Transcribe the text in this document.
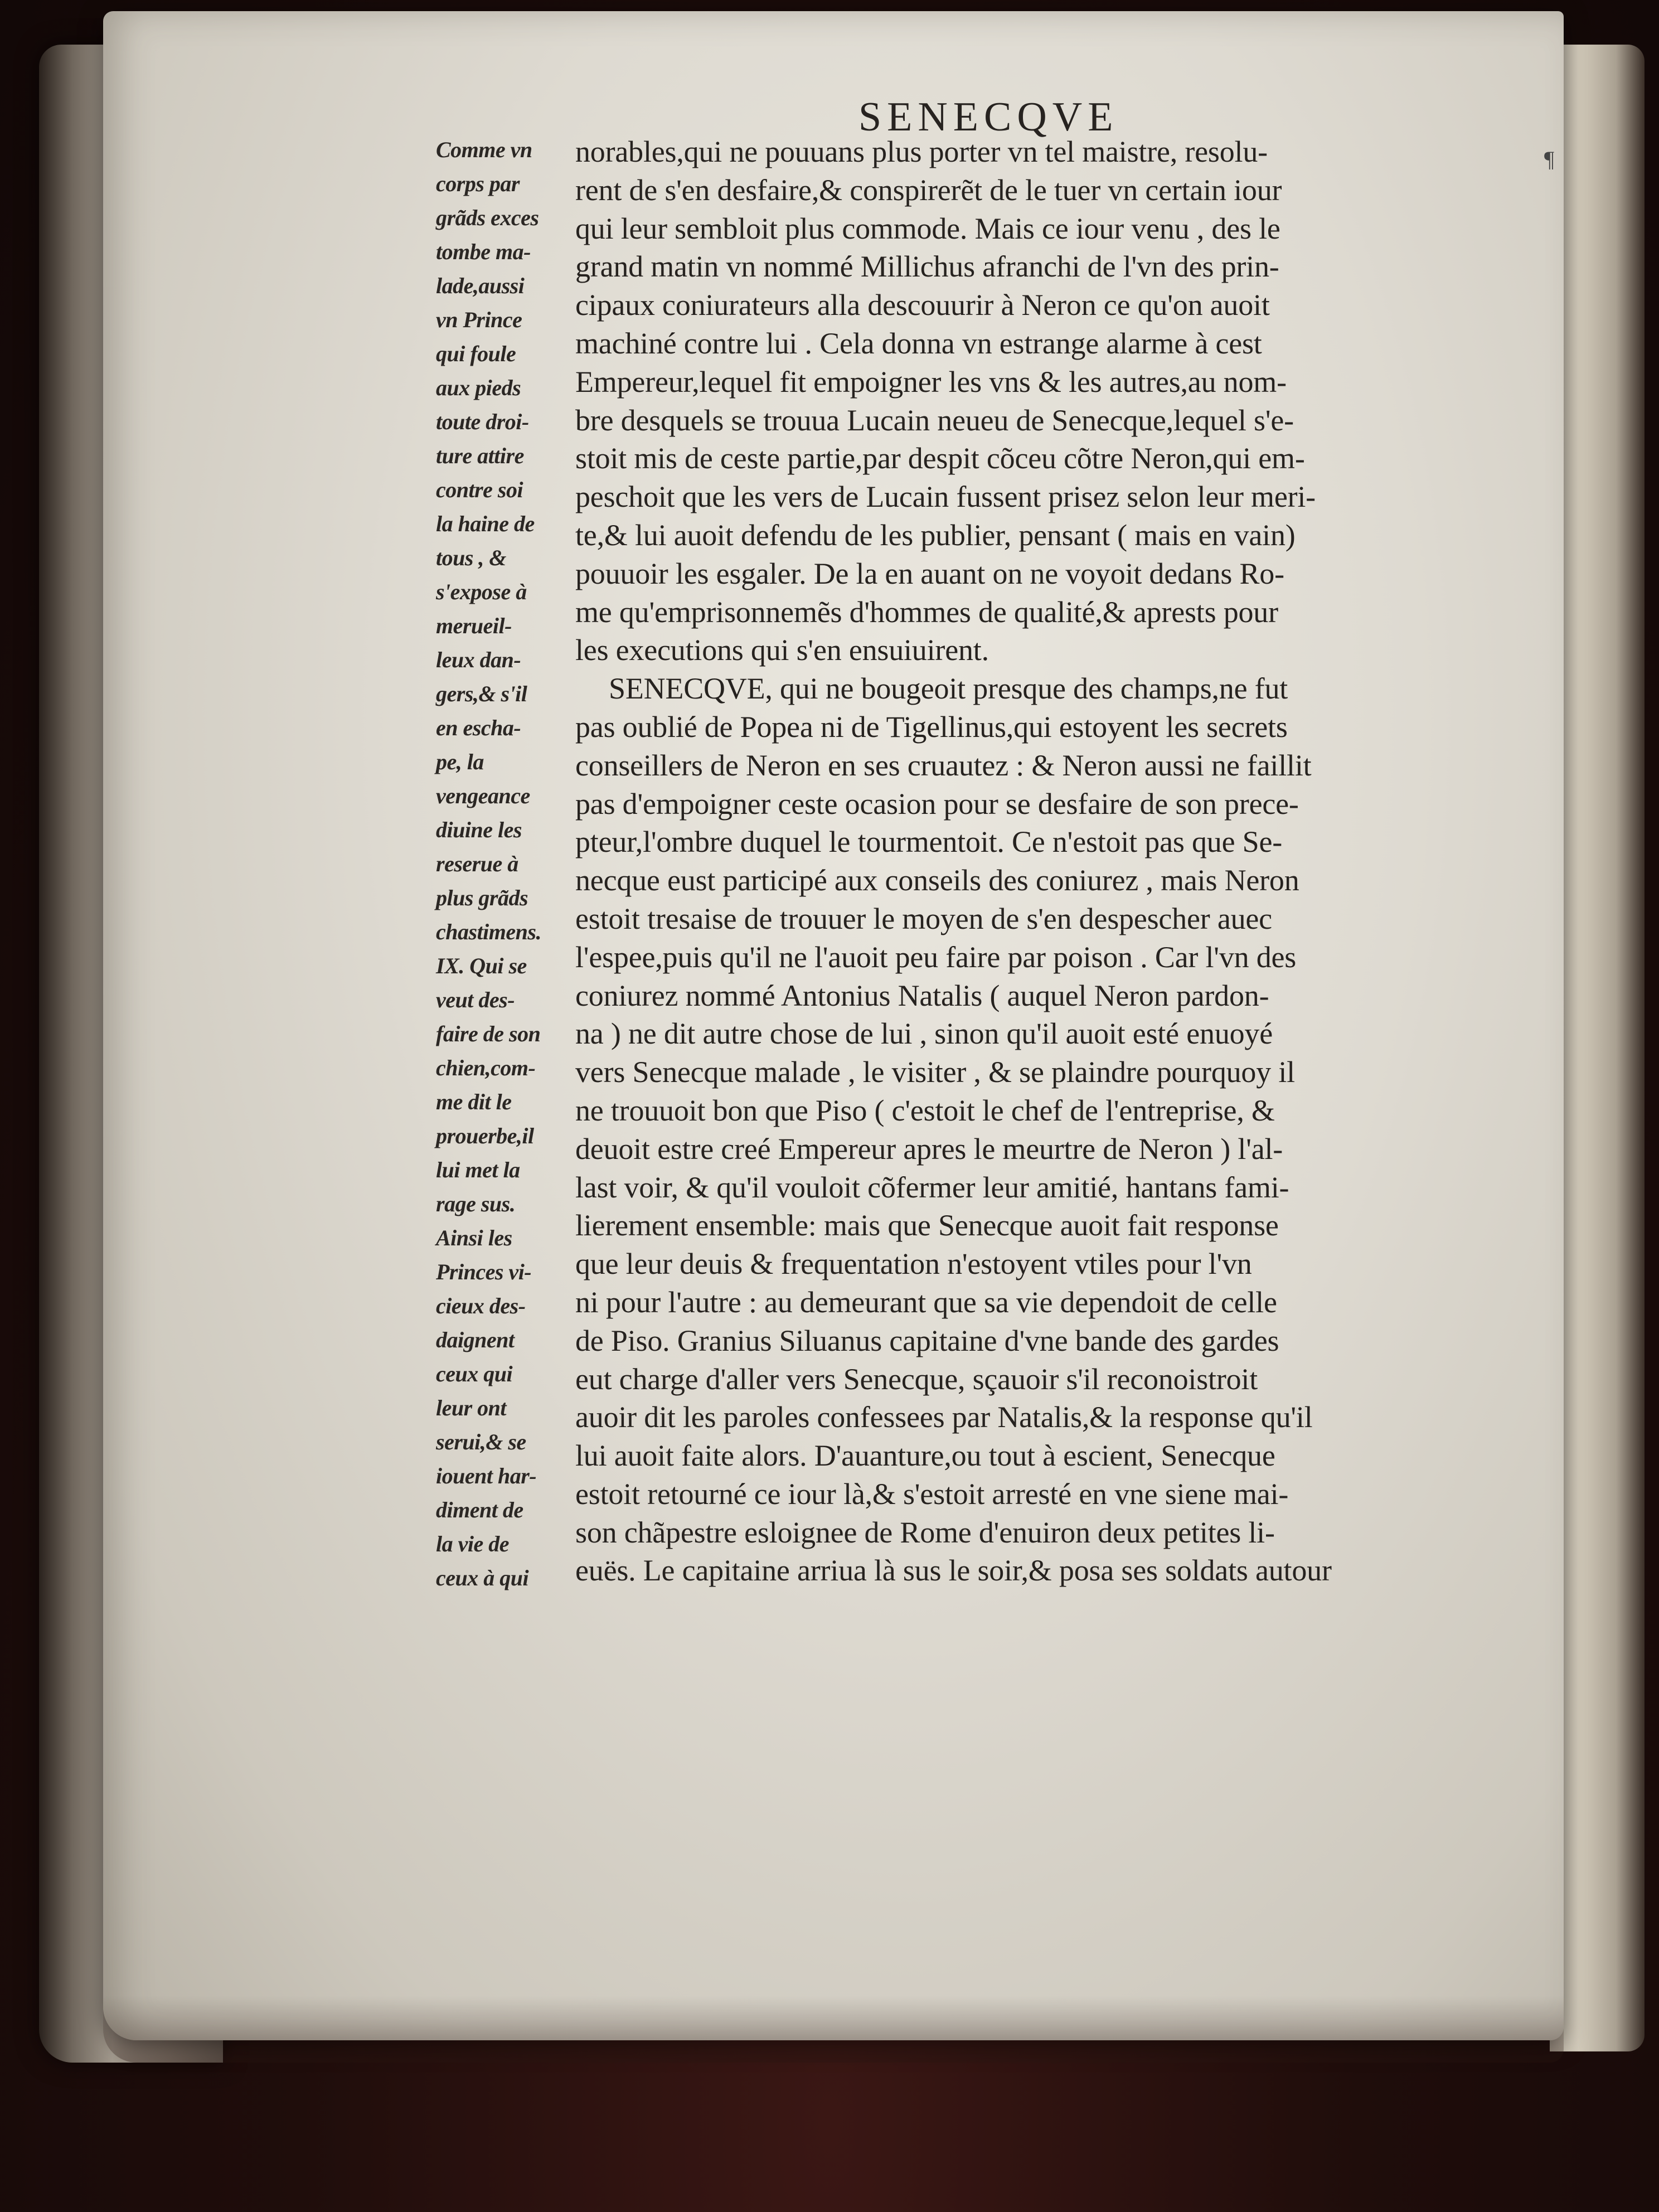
SENECQVE
¶
Comme vn
corps par
grãds exces
tombe ma-
lade,aussi
vn Prince
qui foule
aux pieds
toute droi-
ture attire
contre soi
la haine de
tous , &
s'expose à
merueil-
leux dan-
gers,& s'il
en escha-
pe, la
vengeance
diuine les
reserue à
plus grãds
chastimens.
IX. Qui se
veut des-
faire de son
chien,com-
me dit le
prouerbe,il
lui met la
rage sus.
Ainsi les
Princes vi-
cieux des-
daignent
ceux qui
leur ont
serui,& se
iouent har-
diment de
la vie de
ceux à qui
norables,qui ne pouuans plus porter vn tel maistre, resolu-
rent de s'en desfaire,& conspirerẽt de le tuer vn certain iour
qui leur sembloit plus commode. Mais ce iour venu , des le
grand matin vn nommé Millichus afranchi de l'vn des prin-
cipaux coniurateurs alla descouurir à Neron ce qu'on auoit
machiné contre lui . Cela donna vn estrange alarme à cest
Empereur,lequel fit empoigner les vns & les autres,au nom-
bre desquels se trouua Lucain neueu de Senecque,lequel s'e-
stoit mis de ceste partie,par despit cõceu cõtre Neron,qui em-
peschoit que les vers de Lucain fussent prisez selon leur meri-
te,& lui auoit defendu de les publier, pensant ( mais en vain)
pouuoir les esgaler. De la en auant on ne voyoit dedans Ro-
me qu'emprisonnemẽs d'hommes de qualité,& aprests pour
les executions qui s'en ensuiuirent.
SENECQVE, qui ne bougeoit presque des champs,ne fut
pas oublié de Popea ni de Tigellinus,qui estoyent les secrets
conseillers de Neron en ses cruautez : & Neron aussi ne faillit
pas d'empoigner ceste ocasion pour se desfaire de son prece-
pteur,l'ombre duquel le tourmentoit. Ce n'estoit pas que Se-
necque eust participé aux conseils des coniurez , mais Neron
estoit tresaise de trouuer le moyen de s'en despescher auec
l'espee,puis qu'il ne l'auoit peu faire par poison . Car l'vn des
coniurez nommé Antonius Natalis ( auquel Neron pardon-
na ) ne dit autre chose de lui , sinon qu'il auoit esté enuoyé
vers Senecque malade , le visiter , & se plaindre pourquoy il
ne trouuoit bon que Piso ( c'estoit le chef de l'entreprise, &
deuoit estre creé Empereur apres le meurtre de Neron ) l'al-
last voir, & qu'il vouloit cõfermer leur amitié, hantans fami-
lierement ensemble: mais que Senecque auoit fait response
que leur deuis & frequentation n'estoyent vtiles pour l'vn
ni pour l'autre : au demeurant que sa vie dependoit de celle
de Piso. Granius Siluanus capitaine d'vne bande des gardes
eut charge d'aller vers Senecque, sçauoir s'il reconoistroit
auoir dit les paroles confessees par Natalis,& la response qu'il
lui auoit faite alors. D'auanture,ou tout à escient, Senecque
estoit retourné ce iour là,& s'estoit arresté en vne siene mai-
son chãpestre esloignee de Rome d'enuiron deux petites li-
euës. Le capitaine arriua là sus le soir,& posa ses soldats autour
